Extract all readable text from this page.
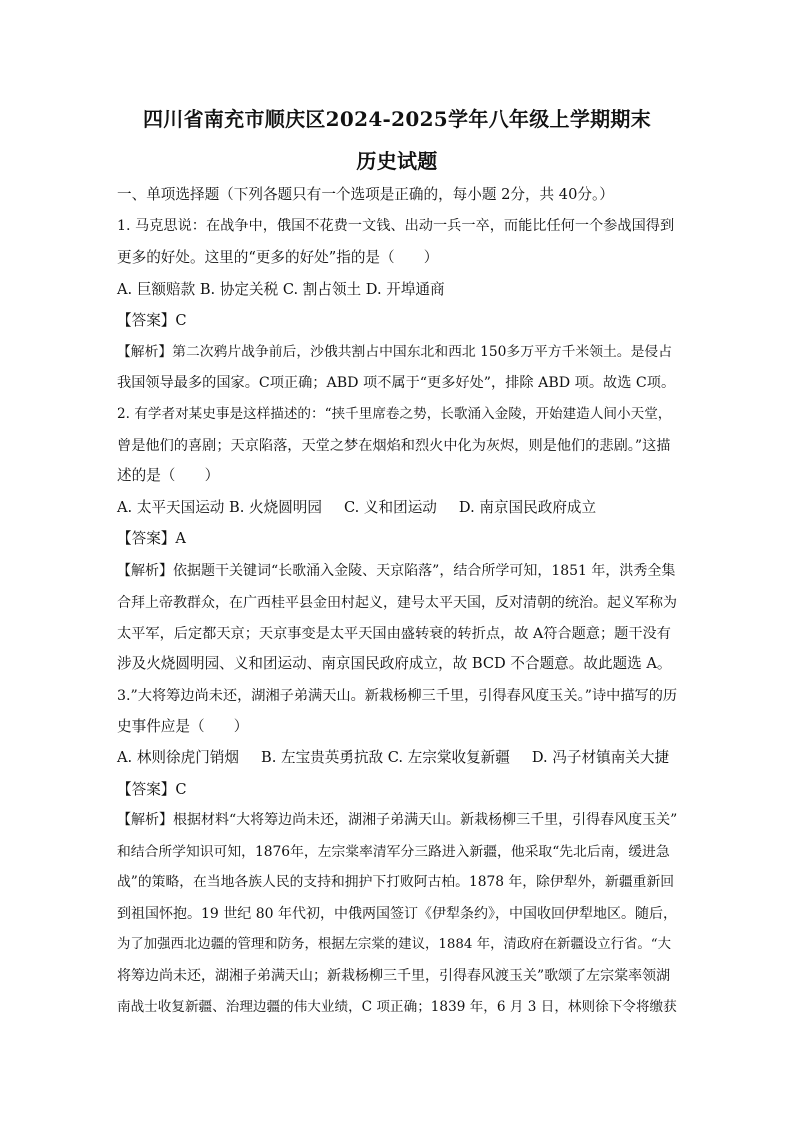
四川省南充市顺庆区2024-2025学年八年级上学期期末
历史试题
一、单项选择题（下列各题只有一个选项是正确的，每小题 2分，共 40分。）
1. 马克思说：在战争中，俄国不花费一文钱、出动一兵一卒，而能比任何一个参战国得到
更多的好处。这里的“更多的好处”指的是（　　）
A. 巨额赔款 B. 协定关税 C. 割占领土 D. 开埠通商
【答案】C
【解析】第二次鸦片战争前后，沙俄共割占中国东北和西北 150多万平方千米领土。是侵占
我国领导最多的国家。C项正确；ABD 项不属于“更多好处”，排除 ABD 项。故选 C项。
2. 有学者对某史事是这样描述的：“挟千里席卷之势，长歌涌入金陵，开始建造人间小天堂，
曾是他们的喜剧；天京陷落，天堂之梦在烟焰和烈火中化为灰烬，则是他们的悲剧。”这描
述的是（　　）
A. 太平天国运动 B. 火烧圆明园 C. 义和团运动 D. 南京国民政府成立
【答案】A
【解析】依据题干关键词“长歌涌入金陵、天京陷落”，结合所学可知，1851 年，洪秀全集
合拜上帝教群众，在广西桂平县金田村起义，建号太平天国，反对清朝的统治。起义军称为
太平军，后定都天京；天京事变是太平天国由盛转衰的转折点，故 A符合题意；题干没有
涉及火烧圆明园、义和团运动、南京国民政府成立，故 BCD 不合题意。故此题选 A。
3.”大将筹边尚未还，湖湘子弟满天山。新栽杨柳三千里，引得春风度玉关。”诗中描写的历
史事件应是（　　）
A. 林则徐虎门销烟 B. 左宝贵英勇抗敌 C. 左宗棠收复新疆 D. 冯子材镇南关大捷
【答案】C
【解析】根据材料“大将筹边尚未还，湖湘子弟满天山。新栽杨柳三千里，引得春风度玉关”
和结合所学知识可知，1876年，左宗棠率清军分三路进入新疆，他采取“先北后南，缓进急
战”的策略，在当地各族人民的支持和拥护下打败阿古柏。1878 年，除伊犁外，新疆重新回
到祖国怀抱。19 世纪 80 年代初，中俄两国签订《伊犁条约》，中国收回伊犁地区。随后，
为了加强西北边疆的管理和防务，根据左宗棠的建议，1884 年，清政府在新疆设立行省。“大
将筹边尚未还，湖湘子弟满天山；新栽杨柳三千里，引得春风渡玉关”歌颂了左宗棠率领湖
南战士收复新疆、治理边疆的伟大业绩，C 项正确；1839 年，6 月 3 日，林则徐下令将缴获
